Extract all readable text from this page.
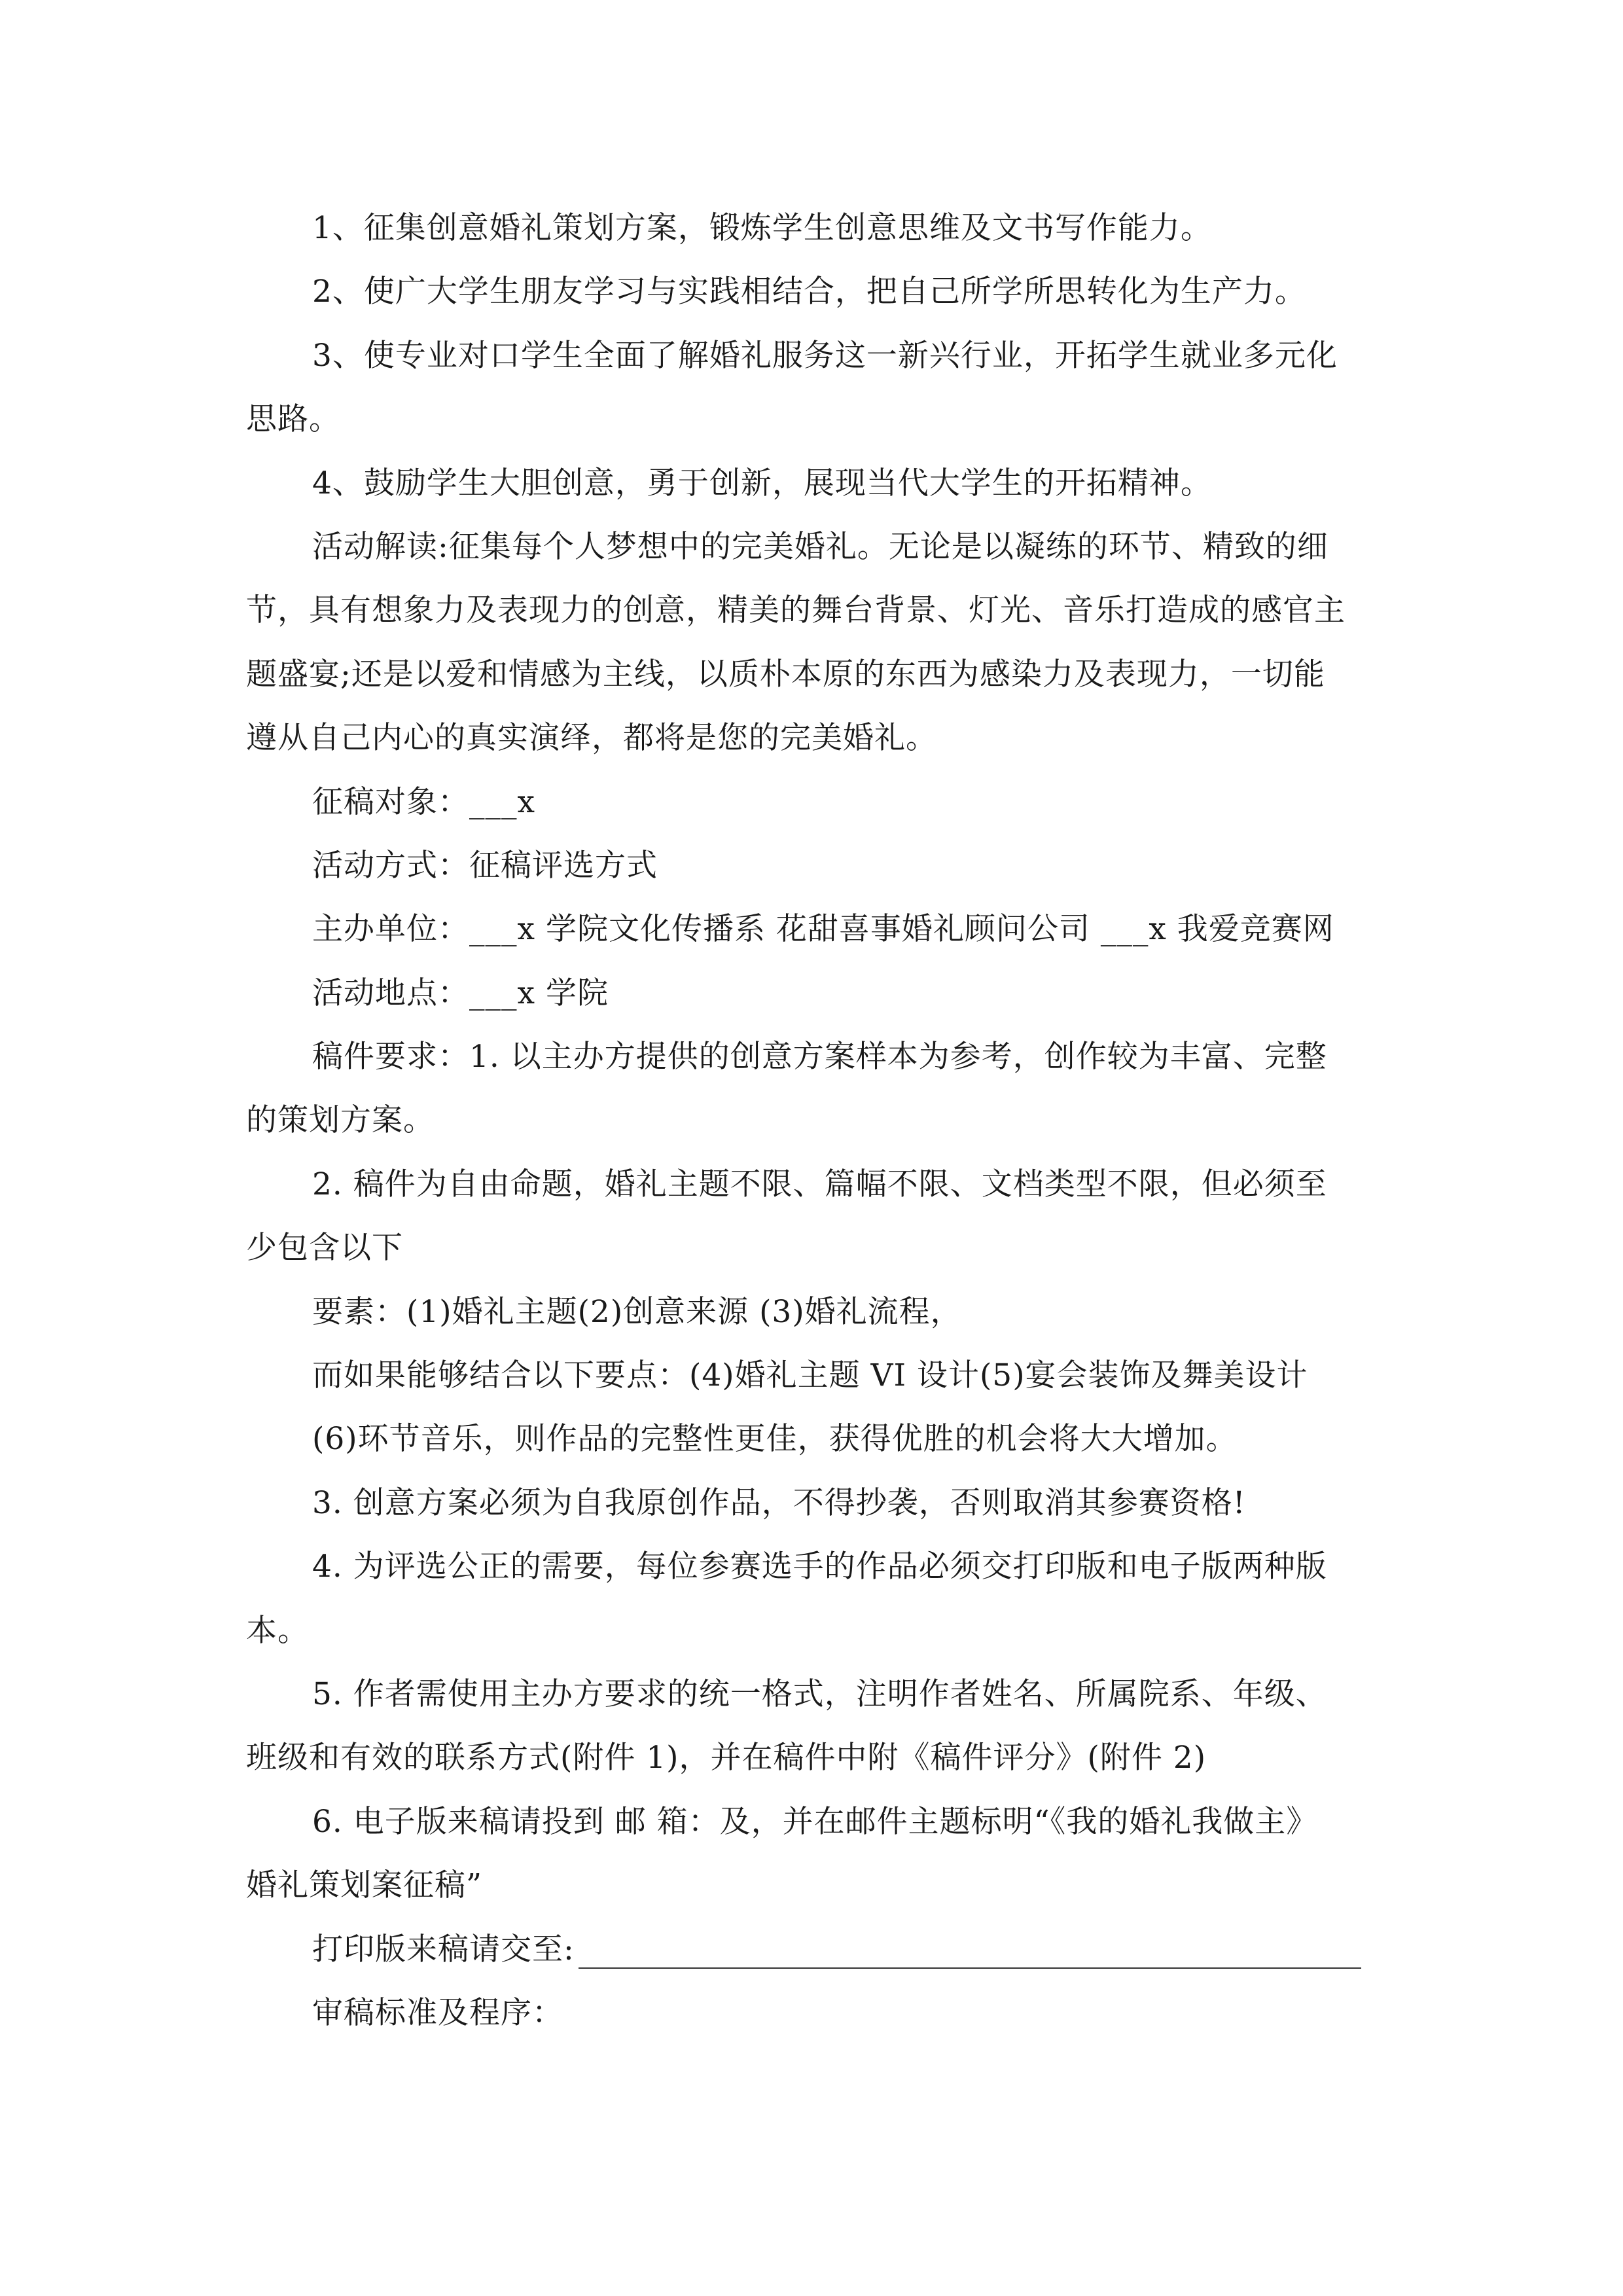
1、征集创意婚礼策划方案，锻炼学生创意思维及文书写作能力。
2、使广大学生朋友学习与实践相结合，把自己所学所思转化为生产力。
3、使专业对口学生全面了解婚礼服务这一新兴行业，开拓学生就业多元化
思路。
4、鼓励学生大胆创意，勇于创新，展现当代大学生的开拓精神。
活动解读:征集每个人梦想中的完美婚礼。无论是以凝练的环节、精致的细
节，具有想象力及表现力的创意，精美的舞台背景、灯光、音乐打造成的感官主
题盛宴;还是以爱和情感为主线，以质朴本原的东西为感染力及表现力，一切能
遵从自己内心的真实演绎，都将是您的完美婚礼。
征稿对象：___x
活动方式：征稿评选方式
主办单位：___x 学院文化传播系 花甜喜事婚礼顾问公司 ___x 我爱竞赛网
活动地点：___x 学院
稿件要求：1. 以主办方提供的创意方案样本为参考，创作较为丰富、完整
的策划方案。
2. 稿件为自由命题，婚礼主题不限、篇幅不限、文档类型不限，但必须至
少包含以下
要素：(1)婚礼主题(2)创意来源 (3)婚礼流程，
而如果能够结合以下要点：(4)婚礼主题 VI 设计(5)宴会装饰及舞美设计
(6)环节音乐，则作品的完整性更佳，获得优胜的机会将大大增加。
3. 创意方案必须为自我原创作品，不得抄袭，否则取消其参赛资格!
4. 为评选公正的需要，每位参赛选手的作品必须交打印版和电子版两种版
本。
5. 作者需使用主办方要求的统一格式，注明作者姓名、所属院系、年级、
班级和有效的联系方式(附件 1)，并在稿件中附《稿件评分》(附件 2)
6. 电子版来稿请投到 邮 箱：及，并在邮件主题标明“《我的婚礼我做主》
婚礼策划案征稿”
打印版来稿请交至:
审稿标准及程序：
